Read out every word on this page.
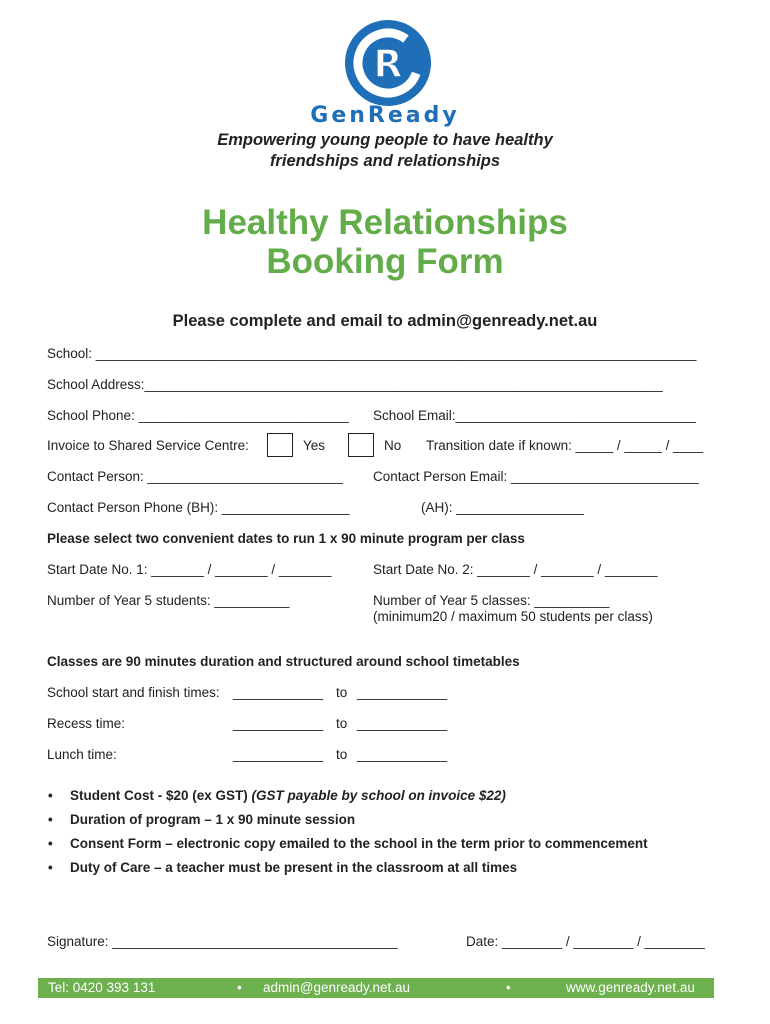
R
GenReady
Empowering young people to have healthy
friendships and relationships
Healthy Relationships
Booking Form
Please complete and email to admin@genready.net.au
School: ________________________________________________________________________________
School Address:_____________________________________________________________________
School Phone: ____________________________ School Email:________________________________
Invoice to Shared Service Centre:	Yes	No Transition date if known: _____ / _____ / ____
Contact Person: __________________________ Contact Person Email: _________________________
Contact Person Phone (BH): _________________	(AH): _________________
Please select two convenient dates to run 1 x 90 minute program per class
Start Date No. 1: _______ / _______ / _______	Start Date No. 2: _______ / _______ / _______
Number of Year 5 students: __________	Number of Year 5 classes: __________
(minimum20 / maximum 50 students per class)
Classes are 90 minutes duration and structured around school timetables
School start and finish times: ____________ to ____________
Recess time:	____________ to ____________
Lunch time:	____________ to ____________
• Student Cost - $20 (ex GST) (GST payable by school on invoice $22)
• Duration of program – 1 x 90 minute session
• Consent Form – electronic copy emailed to the school in the term prior to commencement
• Duty of Care – a teacher must be present in the classroom at all times
Signature: ______________________________________	Date: ________ / ________ / ________
Tel: 0420 393 131	• admin@genready.net.au	•	www.genready.net.au
